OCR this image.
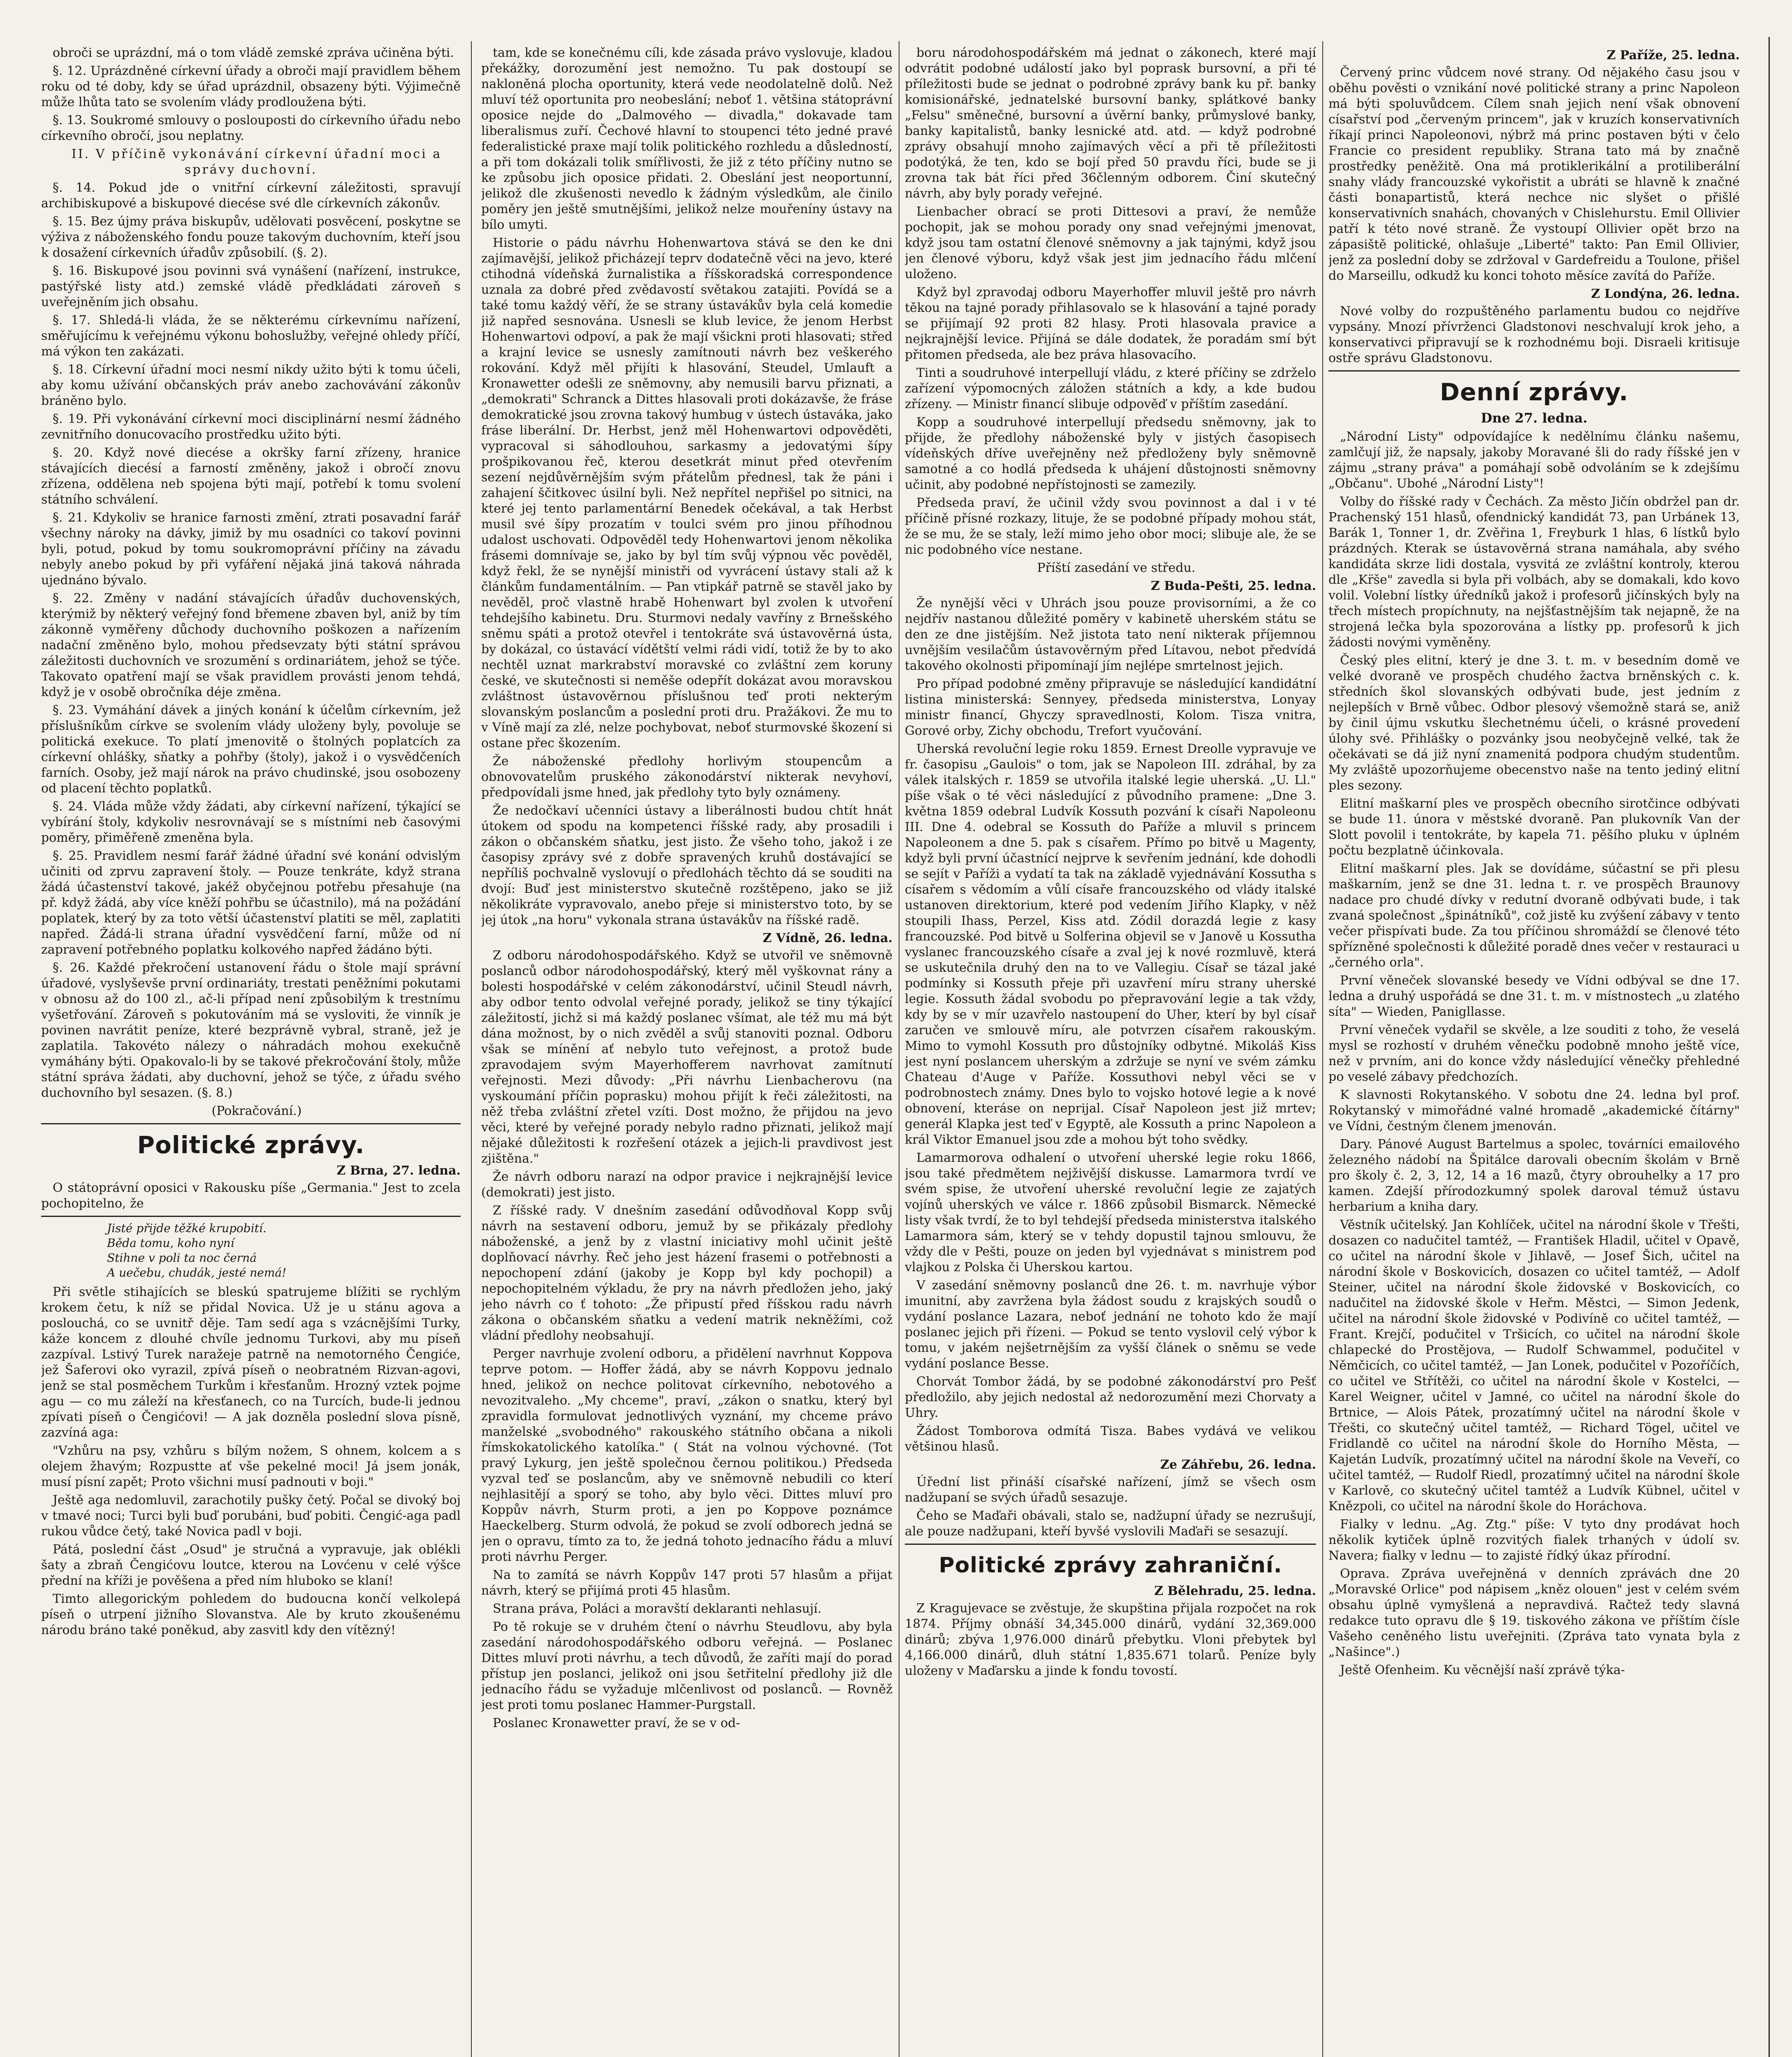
obroči se uprázdní, má o tom vládě zemské zpráva učiněna býti.

§. 12. Uprázdněné církevní úřady a obroči mají pravidlem během roku od té doby, kdy se úřad uprázdnil, obsazeny býti. Výjimečně může lhůta tato se svolením vlády prodloužena býti.

§. 13. Soukromé smlouvy o poslouposti do církevního úřadu nebo církevního obročí, jsou neplatny.

II. V příčině vykonávání církevní úřadní moci a správy duchovní.

§. 14. Pokud jde o vnitřní církevní záležitosti, spravují archibiskupové a biskupové diecése své dle církevních zákonův.

§. 15. Bez újmy práva biskupův, udělovati posvěcení, poskytne se výživa z náboženského fondu pouze takovým duchovním, kteří jsou k dosažení církevních úřadův způsobilí. (§. 2).

§. 16. Biskupové jsou povinni svá vynášení (nařízení, instrukce, pastýřské listy atd.) zemské vládě předkládati zároveň s uveřejněním jich obsahu.

§. 17. Shledá-li vláda, že se některému církevnímu nařízení, směřujícímu k veřejnému výkonu bohoslužby, veřejné ohledy příčí, má výkon ten zakázati.

§. 18. Církevní úřadní moci nesmí nikdy užito býti k tomu účeli, aby komu užívání občanských práv anebo zachovávání zákonův bráněno bylo.

§. 19. Při vykonávání církevní moci disciplinární nesmí žádného zevnitřního donucovacího prostředku užito býti.

§. 20. Když nové diecése a okršky farní zřízeny, hranice stávajících diecésí a farností změněny, jakož i obročí znovu zřízena, oddělena neb spojena býti mají, potřebí k tomu svolení státního schválení.

§. 21. Kdykoliv se hranice farnosti změní, ztrati posavadní farář všechny nároky na dávky, jimiž by mu osadníci co takoví povinni byli, potud, pokud by tomu soukromoprávní příčiny na závadu nebyly anebo pokud by při vyfáření nějaká jiná taková náhrada ujednáno bývalo.

§. 22. Změny v nadání stávajících úřadův duchovenských, kterýmiž by některý veřejný fond břemene zbaven byl, aniž by tím zákonně vyměřeny důchody duchovního poškozen a nařízením nadační změněno bylo, mohou předsevzaty býti státní správou záležitosti duchovních ve srozumění s ordinariátem, jehož se týče. Takovato opatření mají se však pravidlem provásti jenom tehdá, když je v osobě obročníka déje změna.

§. 23. Vymáhání dávek a jiných konání k účelům církevním, jež příslušníkům církve se svolením vlády uloženy byly, povoluje se politická exekuce. To platí jmenovitě o štolných poplatcích za církevní ohlášky, sňatky a pohřby (štoly), jakož i o vysvědčeních farních. Osoby, jež mají nárok na právo chudinské, jsou osobozeny od placení těchto poplatků.

§. 24. Vláda může vždy žádati, aby církevní nařízení, týkající se vybírání štoly, kdykoliv nesrovnávají se s místními neb časovými poměry, přiměřeně zmeněna byla.

§. 25. Pravidlem nesmí farář žádné úřadní své konání odvislým učiniti od zprvu zapravení štoly. — Pouze tenkráte, když strana žádá účastenství takové, jakéž obyčejnou potřebu přesahuje (na př. když žádá, aby více kněží pohřbu se účastnilo), má na požádání poplatek, který by za toto větší účastenství platiti se měl, zaplatiti napřed. Žádá-li strana úřadní vysvědčení farní, může od ní zapravení potřebného poplatku kolkového napřed žádáno býti.

§. 26. Každé překročení ustanovení řádu o štole mají správní úřadové, vyslyševše první ordinariáty, trestati peněžními pokutami v obnosu až do 100 zl., ač-li případ není způsobilým k trestnímu vyšetřování. Zároveň s pokutováním má se vysloviti, že vinník je povinen navrátit peníze, které bezprávně vybral, straně, jež je zaplatila. Takovéto nálezy o náhradách mohou exekučně vymáhány býti. Opakovalo-li by se takové překročování štoly, může státní správa žádati, aby duchovní, jehož se týče, z úřadu svého duchovního byl sesazen. (§. 8.)

(Pokračování.)

Politické zprávy.
Z Brna, 27. ledna.

O státoprávní oposici v Rakousku píše „Germania." Jest to zcela pochopitelno, že

Jisté přijde těžké krupobití.
Běda tomu, koho nyní
Stihne v poli ta noc černá
A uečebu, chudák, jesté nemá!

Při světle stihajících se bleskú spatrujeme blížiti se rychlým krokem četu, k níž se přidal Novica. Už je u stánu agova a poslouchá, co se uvnitř děje. Tam sedí aga s vzácnějšími Turky, káže koncem z dlouhé chvíle jednomu Turkovi, aby mu píseň zazpíval. Lstivý Turek naražeje patrně na nemotorného Čengiće, jež Šaferovi oko vyrazil, zpívá píseň o neobratném Rizvan-agovi, jenž se stal posměchem Turkům i křesťanům. Hrozný vztek pojme agu — co mu záleží na křesťanech, co na Turcích, bude-li jednou zpívati píseň o Čengićovi! — A jak dozněla poslední slova písně, zazvíná aga:

"Vzhůru na psy, vzhůru s bílým nožem, S ohnem, kolcem a s olejem žhavým; Rozpustte ať vše pekelné moci! Já jsem jonák, musí písní zapět; Proto všichni musí padnouti v boji."

Ještě aga nedomluvil, zarachotily pušky četý. Počal se divoký boj v tmavé noci; Turci byli buď porubáni, buď pobiti. Čengić-aga padl rukou vůdce četý, také Novica padl v boji.

Pátá, poslední část „Osud" je stručná a vypravuje, jak oblékli šaty a zbraň Čengićovu loutce, kterou na Lovćenu v celé výšce přední na kříži je pověšena a před ním hluboko se klaní!

Timto allegorickým pohledem do budoucna končí velkolepá píseň o utrpení jižního Slovanstva. Ale by kruto zkoušenému národu bráno také poněkud, aby zasvitl kdy den vítězný!

tam, kde se konečnému cíli, kde zásada právo vyslovuje, kladou překážky, dorozumění jest nemožno. Tu pak dostoupí se nakloněná plocha oportunity, která vede neodolatelně dolů. Než mluví též oportunita pro neobeslání; neboť 1. většina státoprávní oposice nejde do „Dalmového — divadla," dokavade tam liberalismus zuří. Čechové hlavní to stoupenci této jedné pravé federalistické praxe mají tolik politického rozhledu a důsledností, a při tom dokázali tolik smířlivosti, že již z této příčiny nutno se ke způsobu jich oposice přidati. 2. Obeslání jest neoportunní, jelikož dle zkušenosti nevedlo k žádným výsledkům, ale činilo poměry jen ještě smutnějšími, jelikož nelze mouřeníny ústavy na bílo umyti.

Historie o pádu návrhu Hohenwartova stává se den ke dni zajímavější, jelikož přicházejí teprv dodatečně věci na jevo, které ctihodná vídeňská žurnalistika a říšskoradská correspondence uznala za dobré před zvědavostí světakou zatajiti. Povídá se a také tomu každý věří, že se strany ústavákův byla celá komedie již napřed sesnována. Usnesli se klub levice, že jenom Herbst Hohenwartovi odpoví, a pak že mají všickni proti hlasovati; střed a krajní levice se usnesly zamítnouti návrh bez veškerého rokování. Když měl přijíti k hlasování, Steudel, Umlauft a Kronawetter odešli ze sněmovny, aby nemusili barvu přiznati, a „demokrati" Schranck a Dittes hlasovali proti dokázavše, že fráse demokratické jsou zrovna takový humbug v ústech ústaváka, jako fráse liberální. Dr. Herbst, jenž měl Hohenwartovi odpověděti, vypracoval si sáhodlouhou, sarkasmy a jedovatými šípy prošpikovanou řeč, kterou desetkrát minut před otevřením sezení nejdůvěrnějším svým přátelům přednesl, tak že páni i zahajení ščitkovec úsilní byli. Než nepřítel nepřišel po sitnici, na které jej tento parlamentární Benedek očekával, a tak Herbst musil své šípy prozatím v toulci svém pro jinou příhodnou udalost uschovati. Odpověděl tedy Hohenwartovi jenom několika frásemi domnívaje se, jako by byl tím svůj výpnou věc pověděl, když řekl, že se nynější ministři od vyvrácení ústavy stali až k článkům fundamentálním. — Pan vtipkář patrně se stavěl jako by nevěděl, proč vlastně hrabě Hohenwart byl zvolen k utvoření tehdejšího kabinetu. Dru. Sturmovi nedaly vavříny z Brnešského sněmu spáti a protož otevřel i tentokráte svá ústavověrná ústa, by dokázal, co ústavácí vídětští velmi rádi vidí, totiž že by to ako nechtěl uznat markrabství moravské co zvláštní zem koruny české, ve skutečnosti si neměše odepřít dokázat avou moravskou zvláštnost ústavověrnou příslušnou teď proti nekterým slovanským poslancům a poslední proti dru. Pražákovi. Že mu to v Víně mají za zlé, nelze pochybovat, neboť sturmovské škození si ostane přec škozením.

Že náboženské předlohy horlivým stoupencům a obnovovatelům pruského zákonodárství nikterak nevyhoví, předpovídali jsme hned, jak předlohy tyto byly oznámeny.

Že nedočkaví učenníci ústavy a liberálnosti budou chtít hnát útokem od spodu na kompetenci říšské rady, aby prosadili i zákon o občanském sňatku, jest jisto. Že všeho toho, jakož i ze časopisy zprávy své z dobře spravených kruhů dostávající se nepříliš pochvalně vyslovují o předlohách těchto dá se souditi na dvojí: Buď jest ministerstvo skutečně rozštěpeno, jako se již několikráte vypravovalo, anebo přeje si ministerstvo toto, by se jej útok „na horu" vykonala strana ústavákův na říšské radě.

Z Vídně, 26. ledna.

Z odboru národohospodářského. Když se utvořil ve sněmovně poslanců odbor národohospodářský, který měl vyškovnat rány a bolesti hospodářské v celém zákonodárství, učinil Steudl návrh, aby odbor tento odvolal veřejné porady, jelikož se tiny týkající záležitostí, jichž si má každý poslanec všímat, ale též mu má být dána možnost, by o nich zvěděl a svůj stanoviti poznal. Odboru však se mínění ať nebylo tuto veřejnost, a protož bude zpravodajem svým Mayerhofferem navrhovat zamítnutí veřejnosti. Mezi důvody: „Při návrhu Lienbacherovu (na vyskoumání příčin poprasku) mohou přijít k řeči záležitosti, na něž třeba zvláštní zřetel vzíti. Dost možno, že přijdou na jevo věci, které by veřejné porady nebylo radno přiznati, jelikož mají nějaké důležitosti k rozřešení otázek a jejich-li pravdivost jest zjištěna."

Že návrh odboru narazí na odpor pravice i nejkrajnější levice (demokrati) jest jisto.

Z říšské rady. V dnešním zasedání odůvodňoval Kopp svůj návrh na sestavení odboru, jemuž by se přikázaly předlohy náboženské, a jenž by z vlastní iniciativy mohl učinit ještě doplňovací návrhy. Řeč jeho jest házení frasemi o potřebnosti a nepochopení zdání (jakoby je Kopp byl kdy pochopil) a nepochopitelném výkladu, že pry na návrh předložen jeho, jaký jeho návrh co ť tohoto: „Že připustí před říšskou radu návrh zákona o občanském sňatku a vedení matrik nekněžími, což vládní předlohy neobsahují.

Perger navrhuje zvolení odboru, a přidělení navrhnut Koppova teprve potom. — Hoffer žádá, aby se návrh Koppovu jednalo hned, jelikož on nechce politovat církevního, nebotového a nevozitvaleho. „My chceme", praví, „zákon o snatku, který byl zpravidla formulovat jednotlivých vyznání, my chceme právo manželské „svobodného" rakouského státního občana a nikoli římskokatolického katolíka." ( Stát na volnou výchovné. (Tot pravý Lykurg, jen ještě společnou černou politikou.) Předseda vyzval teď se poslancům, aby ve sněmovně nebudili co kterí nejhlasitějí a sporý se toho, aby bylo věci. Dittes mluví pro Koppův návrh, Sturm proti, a jen po Koppove poznámce Haeckelberg. Sturm odvolá, že pokud se zvolí odborech jedná se jen o opravu, tímto za to, že jedná tohoto jednacího řádu a mluví proti návrhu Perger.

Na to zamítá se návrh Koppův 147 proti 57 hlasům a přijat návrh, který se přijímá proti 45 hlasům.

Strana práva, Poláci a moravští deklaranti nehlasují.

Po tě rokuje se v druhém čtení o návrhu Steudlovu, aby byla zasedání národohospodářského odboru veřejná. — Poslanec Dittes mluví proti návrhu, a tech důvodů, že zaříti mají do porad přístup jen poslanci, jelikož oni jsou šetřitelní předlohy již dle jednacího řádu se vyžaduje mlčenlivost od poslanců. — Rovněž jest proti tomu poslanec Hammer-Purgstall.

Poslanec Kronawetter praví, že se v od-

boru národohospodářském má jednat o zákonech, které mají odvrátit podobné událostí jako byl poprask bursovní, a při té příležitosti bude se jednat o podrobné zprávy bank ku př. banky komisionářské, jednatelské bursovní banky, splátkové banky „Felsu" směnečné, bursovní a úvěrní banky, průmyslové banky, banky kapitalistů, banky lesnické atd. atd. — když podrobné zprávy obsahují mnoho zajímavých věcí a při tě příležitosti podotýká, že ten, kdo se bojí před 50 pravdu říci, bude se ji zrovna tak bát říci před 36členným odborem. Činí skutečný návrh, aby byly porady veřejné.

Lienbacher obrací se proti Dittesovi a praví, že nemůže pochopit, jak se mohou porady ony snad veřejnými jmenovat, když jsou tam ostatní členové sněmovny a jak tajnými, když jsou jen členové výboru, když však jest jim jednacího řádu mlčení uloženo.

Když byl zpravodaj odboru Mayerhoffer mluvil ještě pro návrh těkou na tajné porady přihlasovalo se k hlasování a tajné porady se přijímají 92 proti 82 hlasy. Proti hlasovala pravice a nejkrajnější levice. Přijíná se dále dodatek, že poradám smí být přitomen předseda, ale bez práva hlasovacího.

Tinti a soudruhové interpellují vládu, z které příčiny se zdrželo zařízení výpomocných záložen státních a kdy, a kde budou zřízeny. — Ministr financí slibuje odpověď v příštím zasedání.

Kopp a soudruhové interpellují předsedu sněmovny, jak to přijde, že předlohy náboženské byly v jistých časopisech vídeňských dříve uveřejněny než předloženy byly sněmovně samotné a co hodlá předseda k uhájení důstojnosti sněmovny učinit, aby podobné nepřístojnosti se zamezily.

Předseda praví, že učinil vždy svou povinnost a dal i v té příčině přísné rozkazy, lituje, že se podobné případy mohou stát, že se mu, že se staly, leží mimo jeho obor moci; slibuje ale, že se nic podobného více nestane.

Příští zasedání ve středu.

Z Buda-Pešti, 25. ledna.

Že nynější věci v Uhrách jsou pouze provisorními, a že co nejdřív nastanou důležité poměry v kabinetě uherském státu se den ze dne jistějším. Než jistota tato není nikterak příjemnou uvnějším vesilačům ústavověrným před Lítavou, nebot předvídá takového okolnosti připomínají jím nejlépe smrtelnost jejich.

Pro případ podobné změny připravuje se následující kandidátní listina ministerská: Sennyey, předseda ministerstva, Lonyay ministr financí, Ghyczy spravedlnosti, Kolom. Tisza vnitra, Gorové orby, Zichy obchodu, Trefort vyučování.

Uherská revoluční legie roku 1859. Ernest Dreolle vypravuje ve fr. časopisu „Gaulois" o tom, jak se Napoleon III. zdráhal, by za válek italských r. 1859 se utvořila italské legie uherská. „U. Ll." píše však o té věci následující z původního pramene: „Dne 3. května 1859 odebral Ludvík Kossuth pozvání k císaři Napoleonu III. Dne 4. odebral se Kossuth do Paříže a mluvil s princem Napoleonem a dne 5. pak s císařem. Přímo po bitvě u Magenty, když byli první účastnící nejprve k sevřením jednání, kde dohodli se sejít v Paříži a vydatí ta tak na základě vyjednávání Kossutha s císařem s vědomím a vůlí císaře francouzského od vlády italské ustanoven direktorium, které pod vedením Jiřího Klapky, v něž stoupili Ihass, Perzel, Kiss atd. Zódil dorazdá legie z kasy francouzské. Pod bitvě u Solferina objevil se v Janově u Kossutha vyslanec francouzského císaře a zval jej k nové rozmluvě, která se uskutečnila druhý den na to ve Vallegiu. Císař se tázal jaké podmínky si Kossuth přeje při uzavření míru strany uherské legie. Kossuth žádal svobodu po přepravování legie a tak vždy, kdy by se v mír uzavřelo nastoupení do Uher, kterí by byl císař zaručen ve smlouvě míru, ale potvrzen císařem rakouským. Mimo to vymohl Kossuth pro důstojníky odbytné. Mikoláš Kiss jest nyní poslancem uherským a zdržuje se nyní ve svém zámku Chateau d'Auge v Paříže. Kossuthovi nebyl věci se v podrobnostech známy. Dnes bylo to vojsko hotové legie a k nové obnovení, kteráse on neprijal. Císař Napoleon jest již mrtev; generál Klapka jest teď v Egyptě, ale Kossuth a princ Napoleon a král Viktor Emanuel jsou zde a mohou být toho svědky.

Lamarmorova odhalení o utvoření uherské legie roku 1866, jsou také předmětem nejživější diskusse. Lamarmora tvrdí ve svém spise, že utvoření uherské revoluční legie ze zajatých vojínů uherských ve válce r. 1866 způsobil Bismarck. Německé listy však tvrdí, že to byl tehdejší předseda ministerstva italského Lamarmora sám, který se v tehdy dopustil tajnou smlouvu, že vždy dle v Pešti, pouze on jeden byl vyjednávat s ministrem pod vlajkou z Polska či Uherskou kartou.

V zasedání sněmovny poslanců dne 26. t. m. navrhuje výbor imunitní, aby zavržena byla žádost soudu z krajských soudů o vydání poslance Lazara, neboť jednání ne tohoto kdo že mají poslanec jejich při řízeni. — Pokud se tento vyslovil celý výbor k tomu, v jakém nejšetrnějším za vyšší článek o sněmu se vede vydání poslance Besse.

Chorvát Tombor žádá, by se podobné zákonodárství pro Pešť předložilo, aby jejich nedostal až nedorozumění mezi Chorvaty a Uhry.

Žádost Tomborova odmítá Tisza. Babes vydává ve velikou většinou hlasů.

Ze Záhřebu, 26. ledna.

Úřední list přináší císařské nařízení, jímž se všech osm nadžupaní se svých úřadů sesazuje.

Čeho se Maďaři obávali, stalo se, nadžupní úřady se nezrušují, ale pouze nadžupani, kteří byvšé vyslovili Maďaři se sesazují.

Politické zprávy zahraniční.
Z Bělehradu, 25. ledna.

Z Kragujevace se zvěstuje, že skupština přijala rozpočet na rok 1874. Příjmy obnáší 34,345.000 dinárů, vydání 32,369.000 dinárů; zbýva 1,976.000 dinárů přebytku. Vloni přebytek byl 4,166.000 dinárů, dluh státní 1,835.671 tolarů. Peníze byly uloženy v Maďarsku a jinde k fondu tovostí.

Z Paříže, 25. ledna.

Červený princ vůdcem nové strany. Od nějakého času jsou v oběhu pověsti o vznikání nové politické strany a princ Napoleon má býti spoluvůdcem. Cílem snah jejich není však obnovení císařství pod „červeným princem", jak v kruzích konservativních říkají princi Napoleonovi, nýbrž má princ postaven býti v čelo Francie co president republiky. Strana tato má by značně prostředky peněžitě. Ona má protiklerikální a protiliberální snahy vlády francouzské vykořistit a ubráti se hlavně k značné části bonapartistů, která nechce nic slyšet o přišlé konservativních snahách, chovaných v Chislehurstu. Emil Ollivier patří k této nové straně. Že vystoupí Ollivier opět brzo na zápasiště politické, ohlašuje „Liberté" takto: Pan Emil Ollivier, jenž za poslední doby se zdržoval v Gardefreidu a Toulone, přišel do Marseillu, odkudž ku konci tohoto měsíce zavítá do Paříže.

Z Londýna, 26. ledna.

Nové volby do rozpuštěného parlamentu budou co nejdříve vypsány. Mnozí přívrženci Gladstonovi neschvalují krok jeho, a konservativci připravují se k rozhodnému boji. Disraeli kritisuje ostře správu Gladstonovu.

Denní zprávy.
Dne 27. ledna.

„Národní Listy" odpovídajíce k nedělnímu článku našemu, zamlčují již, že napsaly, jakoby Moravané šli do rady říšské jen v zájmu „strany práva" a pomáhají sobě odvoláním se k zdejšímu „Občanu". Ubohé „Národní Listy"!

Volby do říšské rady v Čechách. Za město Jičín obdržel pan dr. Prachenský 151 hlasů, ofendnický kandidát 73, pan Urbánek 13, Barák 1, Tonner 1, dr. Zvěřina 1, Freyburk 1 hlas, 6 lístků bylo prázdných. Kterak se ústavověrná strana namáhala, aby svého kandidáta skrze lidi dostala, vysvitá ze zvláštní kontroly, kterou dle „Kr̈še" zavedla si byla při volbách, aby se domakali, kdo kovo volil. Volební lístky úředníků jakož i profesorů jičínských byly na třech místech propíchnuty, na nejšťastnějším tak nejapně, že na strojená lečka byla spozorována a lístky pp. profesorů k jich žádosti novými vyměněny.

Český ples elitní, který je dne 3. t. m. v besedním domě ve velké dvoraně ve prospěch chudého žactva brněnských c. k. středních škol slovanských odbývati bude, jest jedním z nejlepších v Brně vůbec. Odbor plesový všemožně stará se, aniž by činil újmu vskutku šlechetnému účeli, o krásné provedení úlohy své. Přihlášky o pozvánky jsou neobyčejně velké, tak že očekávati se dá již nyní znamenitá podpora chudým studentům. My zvláště upozorňujeme obecenstvo naše na tento jediný elitní ples sezony.

Elitní maškarní ples ve prospěch obecního sirotčince odbývati se bude 11. února v městské dvoraně. Pan plukovník Van der Slott povolil i tentokráte, by kapela 71. pěšího pluku v úplném počtu bezplatně účinkovala.

Elitní maškarní ples. Jak se dovídáme, súčastní se při plesu maškarním, jenž se dne 31. ledna t. r. ve prospěch Braunovy nadace pro chudé dívky v redutní dvoraně odbývati bude, i tak zvaná společnost „špinátníků", což jistě ku zvýšení zábavy v tento večer přispívati bude. Za tou příčinou shromáždí se členové této spřízněné společnosti k důležité poradě dnes večer v restauraci u „černého orla".

První věneček slovanské besedy ve Vídni odbýval se dne 17. ledna a druhý uspořádá se dne 31. t. m. v místnostech „u zlatého síta" — Wieden, Panigllasse.

První věneček vydařil se skvěle, a lze souditi z toho, že veselá mysl se rozhostí v druhém věnečku podobně mnoho ještě více, než v prvním, ani do konce vždy následující věnečky přehledné po veselé zábavy předchozích.

K slavnosti Rokytanského. V sobotu dne 24. ledna byl prof. Rokytanský v mimořádné valné hromadě „akademické čítárny" ve Vídni, čestným členem jmenován.

Dary. Pánové August Bartelmus a spolec, továrníci emailového železného nádobí na Špitálce darovali obecním školám v Brně pro školy č. 2, 3, 12, 14 a 16 mazů, čtyry obrouhelky a 17 pro kamen. Zdejší přírodozkumný spolek daroval témuž ústavu herbarium a kniha dary.

Věstník učitelský. Jan Kohlíček, učitel na národní škole v Třešti, dosazen co nadučitel tamtéž, — František Hladil, učitel v Opavě, co učitel na národní škole v Jihlavě, — Josef Šich, učitel na národní škole v Boskovicích, dosazen co učitel tamtéž, — Adolf Steiner, učitel na národní škole židovské v Boskovicích, co nadučitel na židovské škole v Heřm. Městci, — Simon Jedenk, učitel na národní škole židovské v Podivíně co učitel tamtéž, — Frant. Krejčí, podučitel v Tršicích, co učitel na národní škole chlapecké do Prostějova, — Rudolf Schwammel, podučitel v Němčicích, co učitel tamtéž, — Jan Lonek, podučitel v Pozoříčích, co učitel ve Střítěži, co učitel na národní škole v Kostelci, — Karel Weigner, učitel v Jamné, co učitel na národní škole do Brtnice, — Alois Pátek, prozatímný učitel na národní škole v Třešti, co skutečný učitel tamtéž, — Richard Tögel, učitel ve Fridlandě co učitel na národní škole do Horního Města, — Kajetán Ludvík, prozatímný učitel na národní škole na Veveří, co učitel tamtéž, — Rudolf Riedl, prozatímný učitel na národní škole v Karlově, co skutečný učitel tamtéž a Ludvík Kübnel, učitel v Knězpoli, co učitel na národní škole do Horáchova.

Fialky v lednu. „Ag. Ztg." píše: V tyto dny prodávat hoch několik kytiček úplně rozvitých fialek trhaných v údolí sv. Navera; fialky v lednu — to zajisté řídký úkaz přírodní.

Oprava. Zpráva uveřejněná v denních zprávách dne 20 „Moravské Orlice" pod nápisem „kněz olouen" jest v celém svém obsahu úplně vymyšlená a nepravdivá. Račtež tedy slavná redakce tuto opravu dle § 19. tiskového zákona ve příštím čísle Vašeho ceněného listu uveřejniti. (Zpráva tato vynata byla z „Našince".)

Ještě Ofenheim. Ku věcnější naší zprávě týka-
